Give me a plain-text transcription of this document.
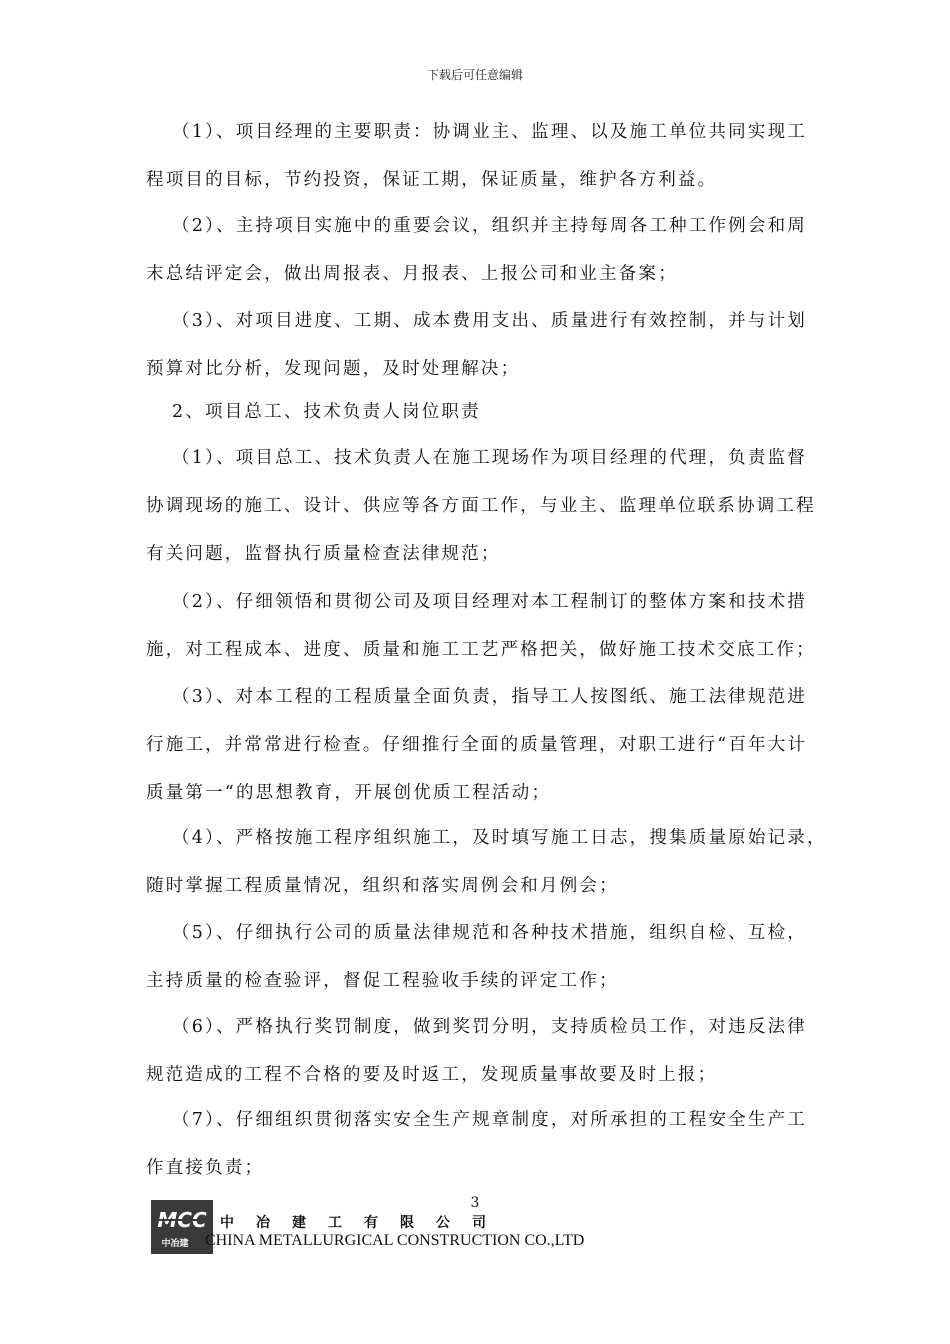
下载后可任意编辑
（1）、项目经理的主要职责：协调业主、监理、以及施工单位共同实现工
程项目的目标，节约投资，保证工期，保证质量，维护各方利益。
（2）、主持项目实施中的重要会议，组织并主持每周各工种工作例会和周
末总结评定会，做出周报表、月报表、上报公司和业主备案；
（3）、对项目进度、工期、成本费用支出、质量进行有效控制，并与计划
预算对比分析，发现问题，及时处理解决；
2、项目总工、技术负责人岗位职责
（1）、项目总工、技术负责人在施工现场作为项目经理的代理，负责监督
协调现场的施工、设计、供应等各方面工作，与业主、监理单位联系协调工程
有关问题，监督执行质量检查法律规范；
（2）、仔细领悟和贯彻公司及项目经理对本工程制订的整体方案和技术措
施，对工程成本、进度、质量和施工工艺严格把关，做好施工技术交底工作；
（3）、对本工程的工程质量全面负责，指导工人按图纸、施工法律规范进
行施工，并常常进行检查。仔细推行全面的质量管理，对职工进行“百年大计
质量第一“的思想教育，开展创优质工程活动；
（4）、严格按施工程序组织施工，及时填写施工日志，搜集质量原始记录，
随时掌握工程质量情况，组织和落实周例会和月例会；
（5）、仔细执行公司的质量法律规范和各种技术措施，组织自检、互检，
主持质量的检查验评，督促工程验收手续的评定工作；
（6）、严格执行奖罚制度，做到奖罚分明，支持质检员工作，对违反法律
规范造成的工程不合格的要及时返工，发现质量事故要及时上报；
（7）、仔细组织贯彻落实安全生产规章制度，对所承担的工程安全生产工
作直接负责；
3
MCC
中冶建
中冶建工有限公司
CHINA METALLURGICAL CONSTRUCTION CO.,LTD
